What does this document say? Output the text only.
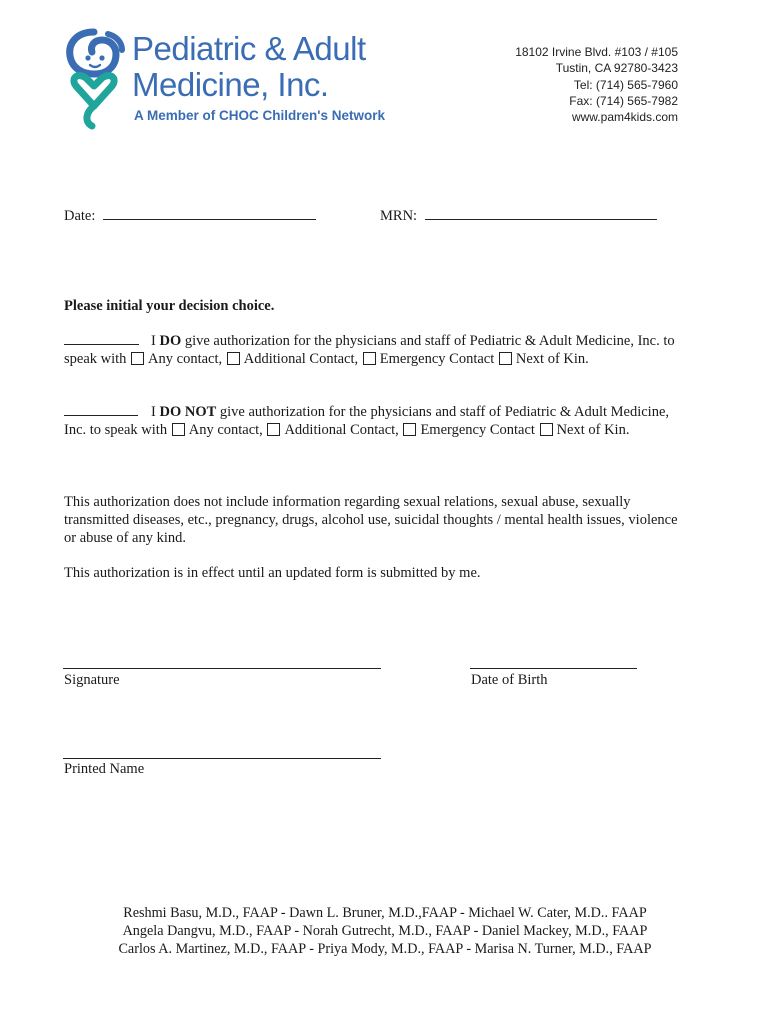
Pediatric & Adult
Medicine, Inc.
A Member of CHOC Children's Network
18102 Irvine Blvd. #103 / #105
Tustin, CA 92780-3423
Tel: (714) 565-7960
Fax: (714) 565-7982
www.pam4kids.com
Date:	MRN:
Please initial your decision choice.
I DO give authorization for the physicians and staff of Pediatric & Adult Medicine, Inc. to
speak with Any contact, Additional Contact, Emergency Contact Next of Kin.
I DO NOT give authorization for the physicians and staff of Pediatric & Adult Medicine,
Inc. to speak with Any contact, Additional Contact, Emergency Contact Next of Kin.
This authorization does not include information regarding sexual relations, sexual abuse, sexually
transmitted diseases, etc., pregnancy, drugs, alcohol use, suicidal thoughts / mental health issues, violence
or abuse of any kind.
This authorization is in effect until an updated form is submitted by me.
Signature	Date of Birth
Printed Name
Reshmi Basu, M.D., FAAP - Dawn L. Bruner, M.D.,FAAP - Michael W. Cater, M.D.. FAAP
Angela Dangvu, M.D., FAAP - Norah Gutrecht, M.D., FAAP - Daniel Mackey, M.D., FAAP
Carlos A. Martinez, M.D., FAAP - Priya Mody, M.D., FAAP - Marisa N. Turner, M.D., FAAP
